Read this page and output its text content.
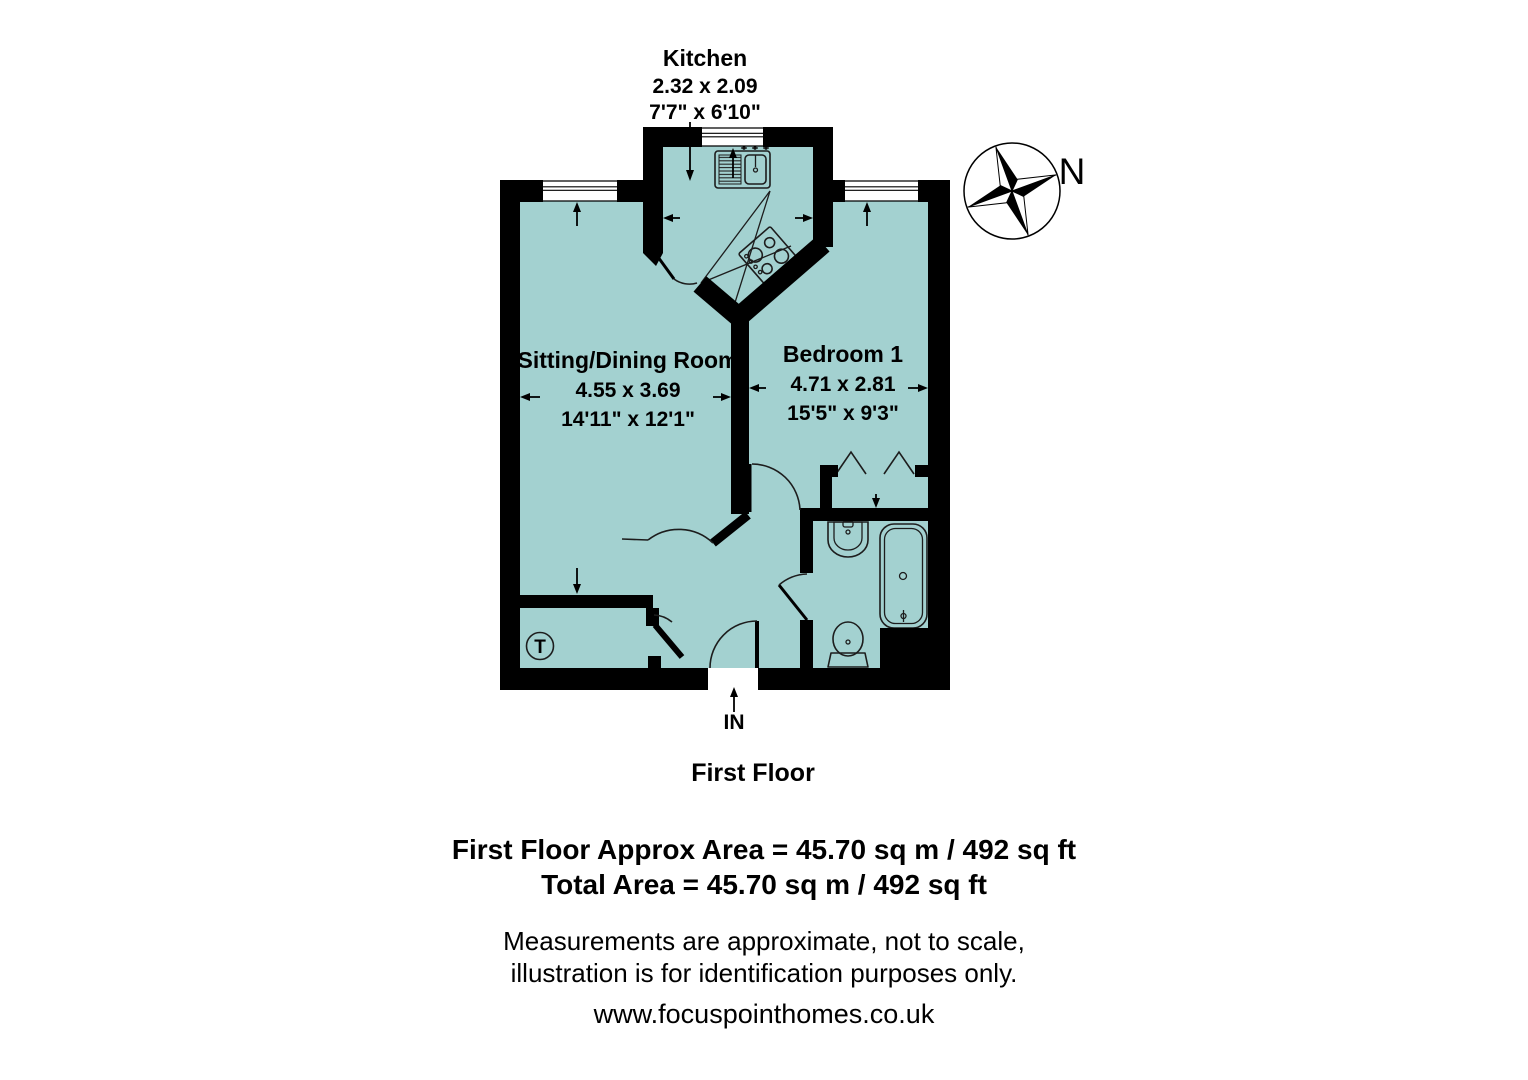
T
Kitchen
2.32 x 2.09
7'7" x 6'10"
Sitting/Dining Room
4.55 x 3.69
14'11" x 12'1"
Bedroom 1
4.71 x 2.81
15'5" x 9'3"
IN
N
First Floor
First Floor Approx Area = 45.70 sq m / 492 sq ft
Total Area = 45.70 sq m / 492 sq ft
Measurements are approximate, not to scale,
illustration is for identification purposes only.
www.focuspointhomes.co.uk
